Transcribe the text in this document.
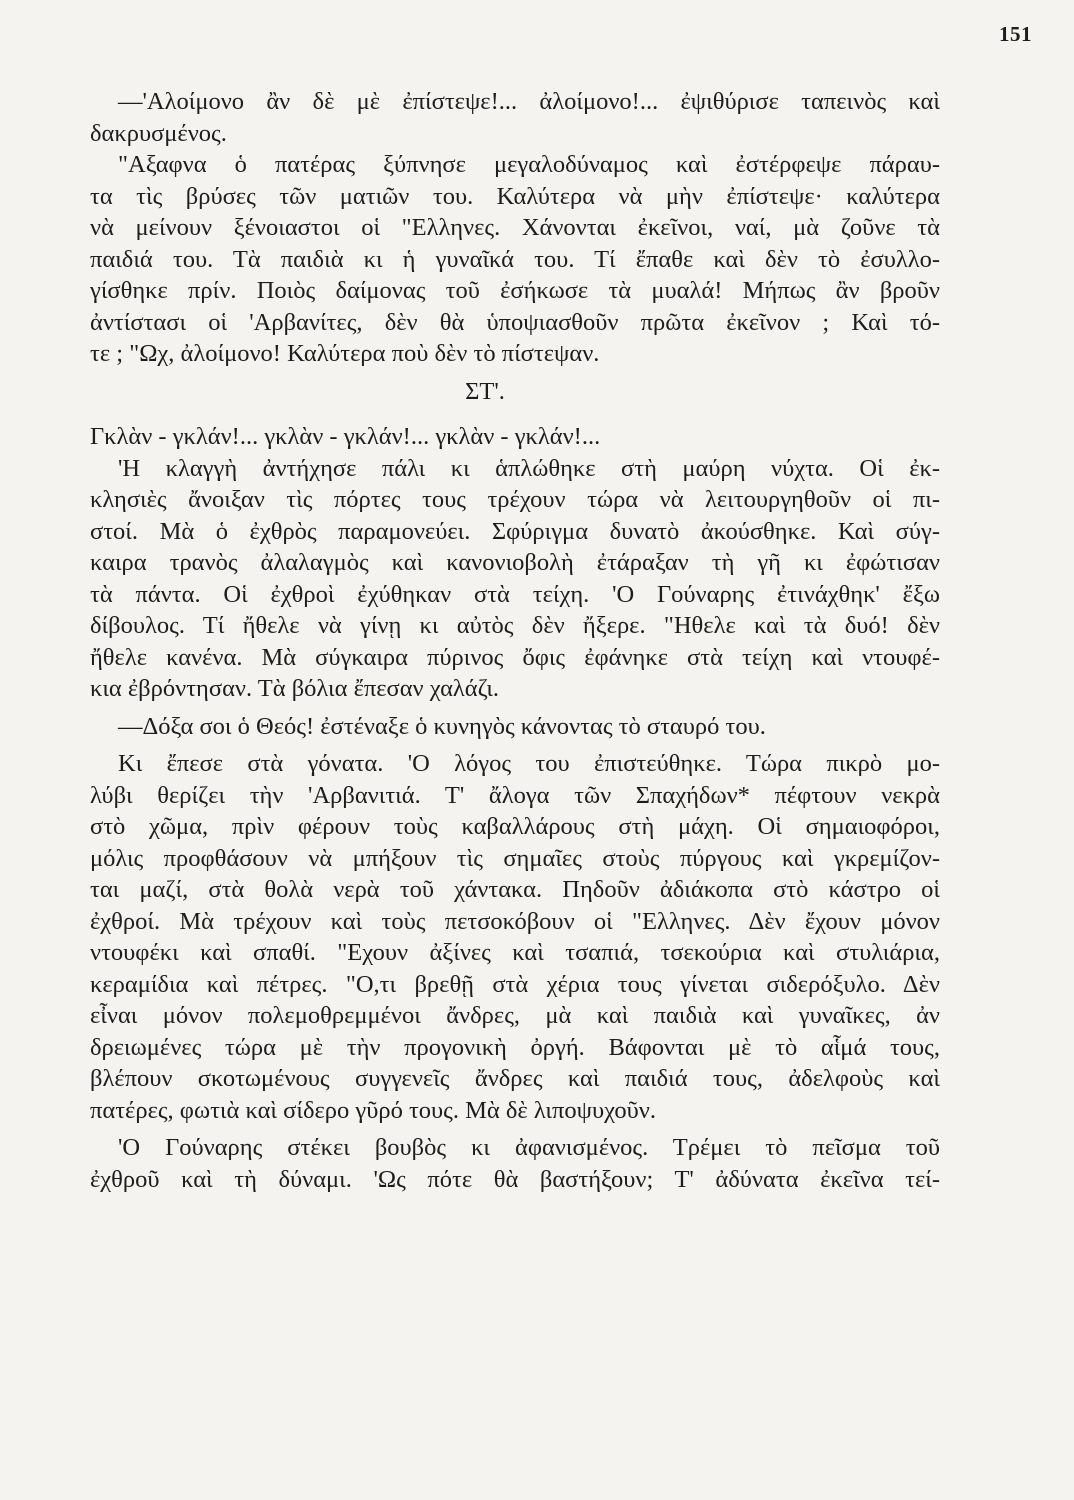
151
—'Αλοίμονο ἂν δὲ μὲ ἐπίστεψε!... ἀλοίμονο!... ἐψιθύρισε ταπεινὸς καὶ
δακρυσμένος.
"Αξαφνα ὁ πατέρας ξύπνησε μεγαλοδύναμος καὶ ἐστέρφεψε πάραυ-
τα τὶς βρύσες τῶν ματιῶν του. Καλύτερα νὰ μὴν ἐπίστεψε· καλύτερα
νὰ μείνουν ξένοιαστοι οἱ "Ελληνες. Χάνονται ἐκεῖνοι, ναί, μὰ ζοῦνε τὰ
παιδιά του. Τὰ παιδιὰ κι ἡ γυναῖκά του. Τί ἔπαθε καὶ δὲν τὸ ἐσυλλο-
γίσθηκε πρίν. Ποιὸς δαίμονας τοῦ ἐσήκωσε τὰ μυαλά! Μήπως ἂν βροῦν
ἀντίστασι οἱ 'Αρβανίτες, δὲν θὰ ὑποψιασθοῦν πρῶτα ἐκεῖνον ; Καὶ τό-
τε ; "Ωχ, ἀλοίμονο! Καλύτερα ποὺ δὲν τὸ πίστεψαν.
ΣΤ'.
Γκλὰν - γκλάν!... γκλὰν - γκλάν!... γκλὰν - γκλάν!...
'Η κλαγγὴ ἀντήχησε πάλι κι ἁπλώθηκε στὴ μαύρη νύχτα. Οἱ ἐκ-
κλησιὲς ἄνοιξαν τὶς πόρτες τους τρέχουν τώρα νὰ λειτουργηθοῦν οἱ πι-
στοί. Μὰ ὁ ἐχθρὸς παραμονεύει. Σφύριγμα δυνατὸ ἀκούσθηκε. Καὶ σύγ-
καιρα τρανὸς ἀλαλαγμὸς καὶ κανονιοβολὴ ἐτάραξαν τὴ γῆ κι ἐφώτισαν
τὰ πάντα. Οἱ ἐχθροὶ ἐχύθηκαν στὰ τείχη. 'Ο Γούναρης ἐτινάχθηκ' ἔξω
δίβουλος. Τί ἤθελε νὰ γίνῃ κι αὐτὸς δὲν ἤξερε. "Ηθελε καὶ τὰ δυό! δὲν
ἤθελε κανένα. Μὰ σύγκαιρα πύρινος ὄφις ἐφάνηκε στὰ τείχη καὶ ντουφέ-
κια ἐβρόντησαν. Τὰ βόλια ἔπεσαν χαλάζι.
—Δόξα σοι ὁ Θεός! ἐστέναξε ὁ κυνηγὸς κάνοντας τὸ σταυρό του.
Κι ἔπεσε στὰ γόνατα. 'Ο λόγος του ἐπιστεύθηκε. Τώρα πικρὸ μο-
λύβι θερίζει τὴν 'Αρβανιτιά. Τ' ἄλογα τῶν Σπαχήδων* πέφτουν νεκρὰ
στὸ χῶμα, πρὶν φέρουν τοὺς καβαλλάρους στὴ μάχη. Οἱ σημαιοφόροι,
μόλις προφθάσουν νὰ μπήξουν τὶς σημαῖες στοὺς πύργους καὶ γκρεμίζον-
ται μαζί, στὰ θολὰ νερὰ τοῦ χάντακα. Πηδοῦν ἀδιάκοπα στὸ κάστρο οἱ
ἐχθροί. Μὰ τρέχουν καὶ τοὺς πετσοκόβουν οἱ "Ελληνες. Δὲν ἔχουν μόνον
ντουφέκι καὶ σπαθί. "Εχουν ἀξίνες καὶ τσαπιά, τσεκούρια καὶ στυλιάρια,
κεραμίδια καὶ πέτρες. "Ο,τι βρεθῇ στὰ χέρια τους γίνεται σιδερόξυλο. Δὲν
εἶναι μόνον πολεμοθρεμμένοι ἄνδρες, μὰ καὶ παιδιὰ καὶ γυναῖκες, ἀν
δρειωμένες τώρα μὲ τὴν προγονικὴ ὀργή. Βάφονται μὲ τὸ αἷμά τους,
βλέπουν σκοτωμένους συγγενεῖς ἄνδρες καὶ παιδιά τους, ἀδελφοὺς καὶ
πατέρες, φωτιὰ καὶ σίδερο γῦρό τους. Μὰ δὲ λιποψυχοῦν.
'Ο Γούναρης στέκει βουβὸς κι ἀφανισμένος. Τρέμει τὸ πεῖσμα τοῦ
ἐχθροῦ καὶ τὴ δύναμι. 'Ως πότε θὰ βαστήξουν; Τ' ἀδύνατα ἐκεῖνα τεί-
